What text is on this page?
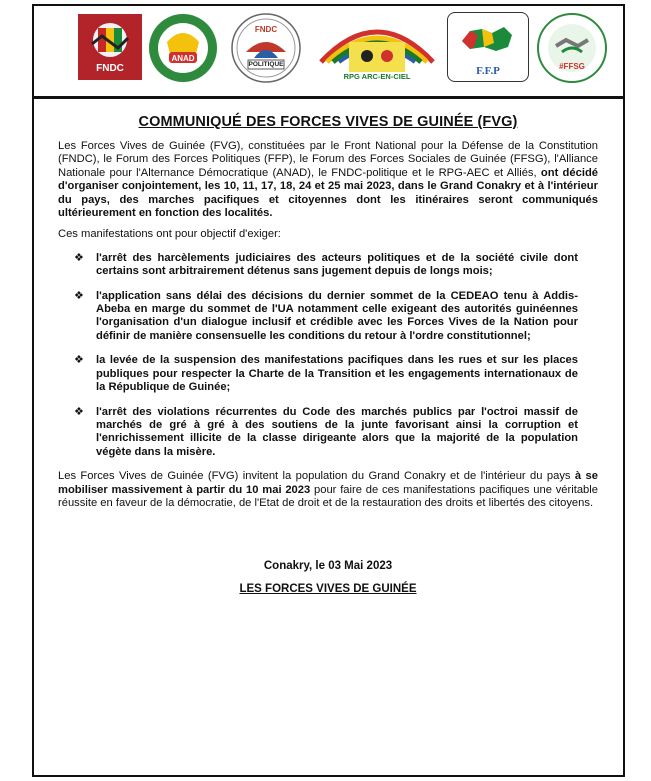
FNDC
ANAD
FNDC
POLITIQUE
RPG ARC-EN-CIEL	F.F.P	#FFSG
COMMUNIQUÉ DES FORCES VIVES DE GUINÉE (FVG)

Les Forces Vives de Guinée (FVG), constituées par le Front National pour la Défense de la Constitution (FNDC), le Forum des Forces Politiques (FFP), le Forum des Forces Sociales de Guinée (FFSG), l'Alliance Nationale pour l'Alternance Démocratique (ANAD), le FNDC-politique et le RPG-AEC et Alliés, ont décidé d'organiser conjointement, les 10, 11, 17, 18, 24 et 25 mai 2023, dans le Grand Conakry et à l'intérieur du pays, des marches pacifiques et citoyennes dont les itinéraires seront communiqués ultérieurement en fonction des localités.

Ces manifestations ont pour objectif d'exiger:

❖ l'arrêt des harcèlements judiciaires des acteurs politiques et de la société civile dont certains sont arbitrairement détenus sans jugement depuis de longs mois;
❖ l'application sans délai des décisions du dernier sommet de la CEDEAO tenu à Addis-Abeba en marge du sommet de l'UA notamment celle exigeant des autorités guinéennes l'organisation d'un dialogue inclusif et crédible avec les Forces Vives de la Nation pour définir de manière consensuelle les conditions du retour à l'ordre constitutionnel;
❖ la levée de la suspension des manifestations pacifiques dans les rues et sur les places publiques pour respecter la Charte de la Transition et les engagements internationaux de la République de Guinée;
❖ l'arrêt des violations récurrentes du Code des marchés publics par l'octroi massif de marchés de gré à gré à des soutiens de la junte favorisant ainsi la corruption et l'enrichissement illicite de la classe dirigeante alors que la majorité de la population végète dans la misère.

Les Forces Vives de Guinée (FVG) invitent la population du Grand Conakry et de l'intérieur du pays à se mobiliser massivement à partir du 10 mai 2023 pour faire de ces manifestations pacifiques une véritable réussite en faveur de la démocratie, de l'Etat de droit et de la restauration des droits et libertés des citoyens.

Conakry, le 03 Mai 2023
LES FORCES VIVES DE GUINÉE
